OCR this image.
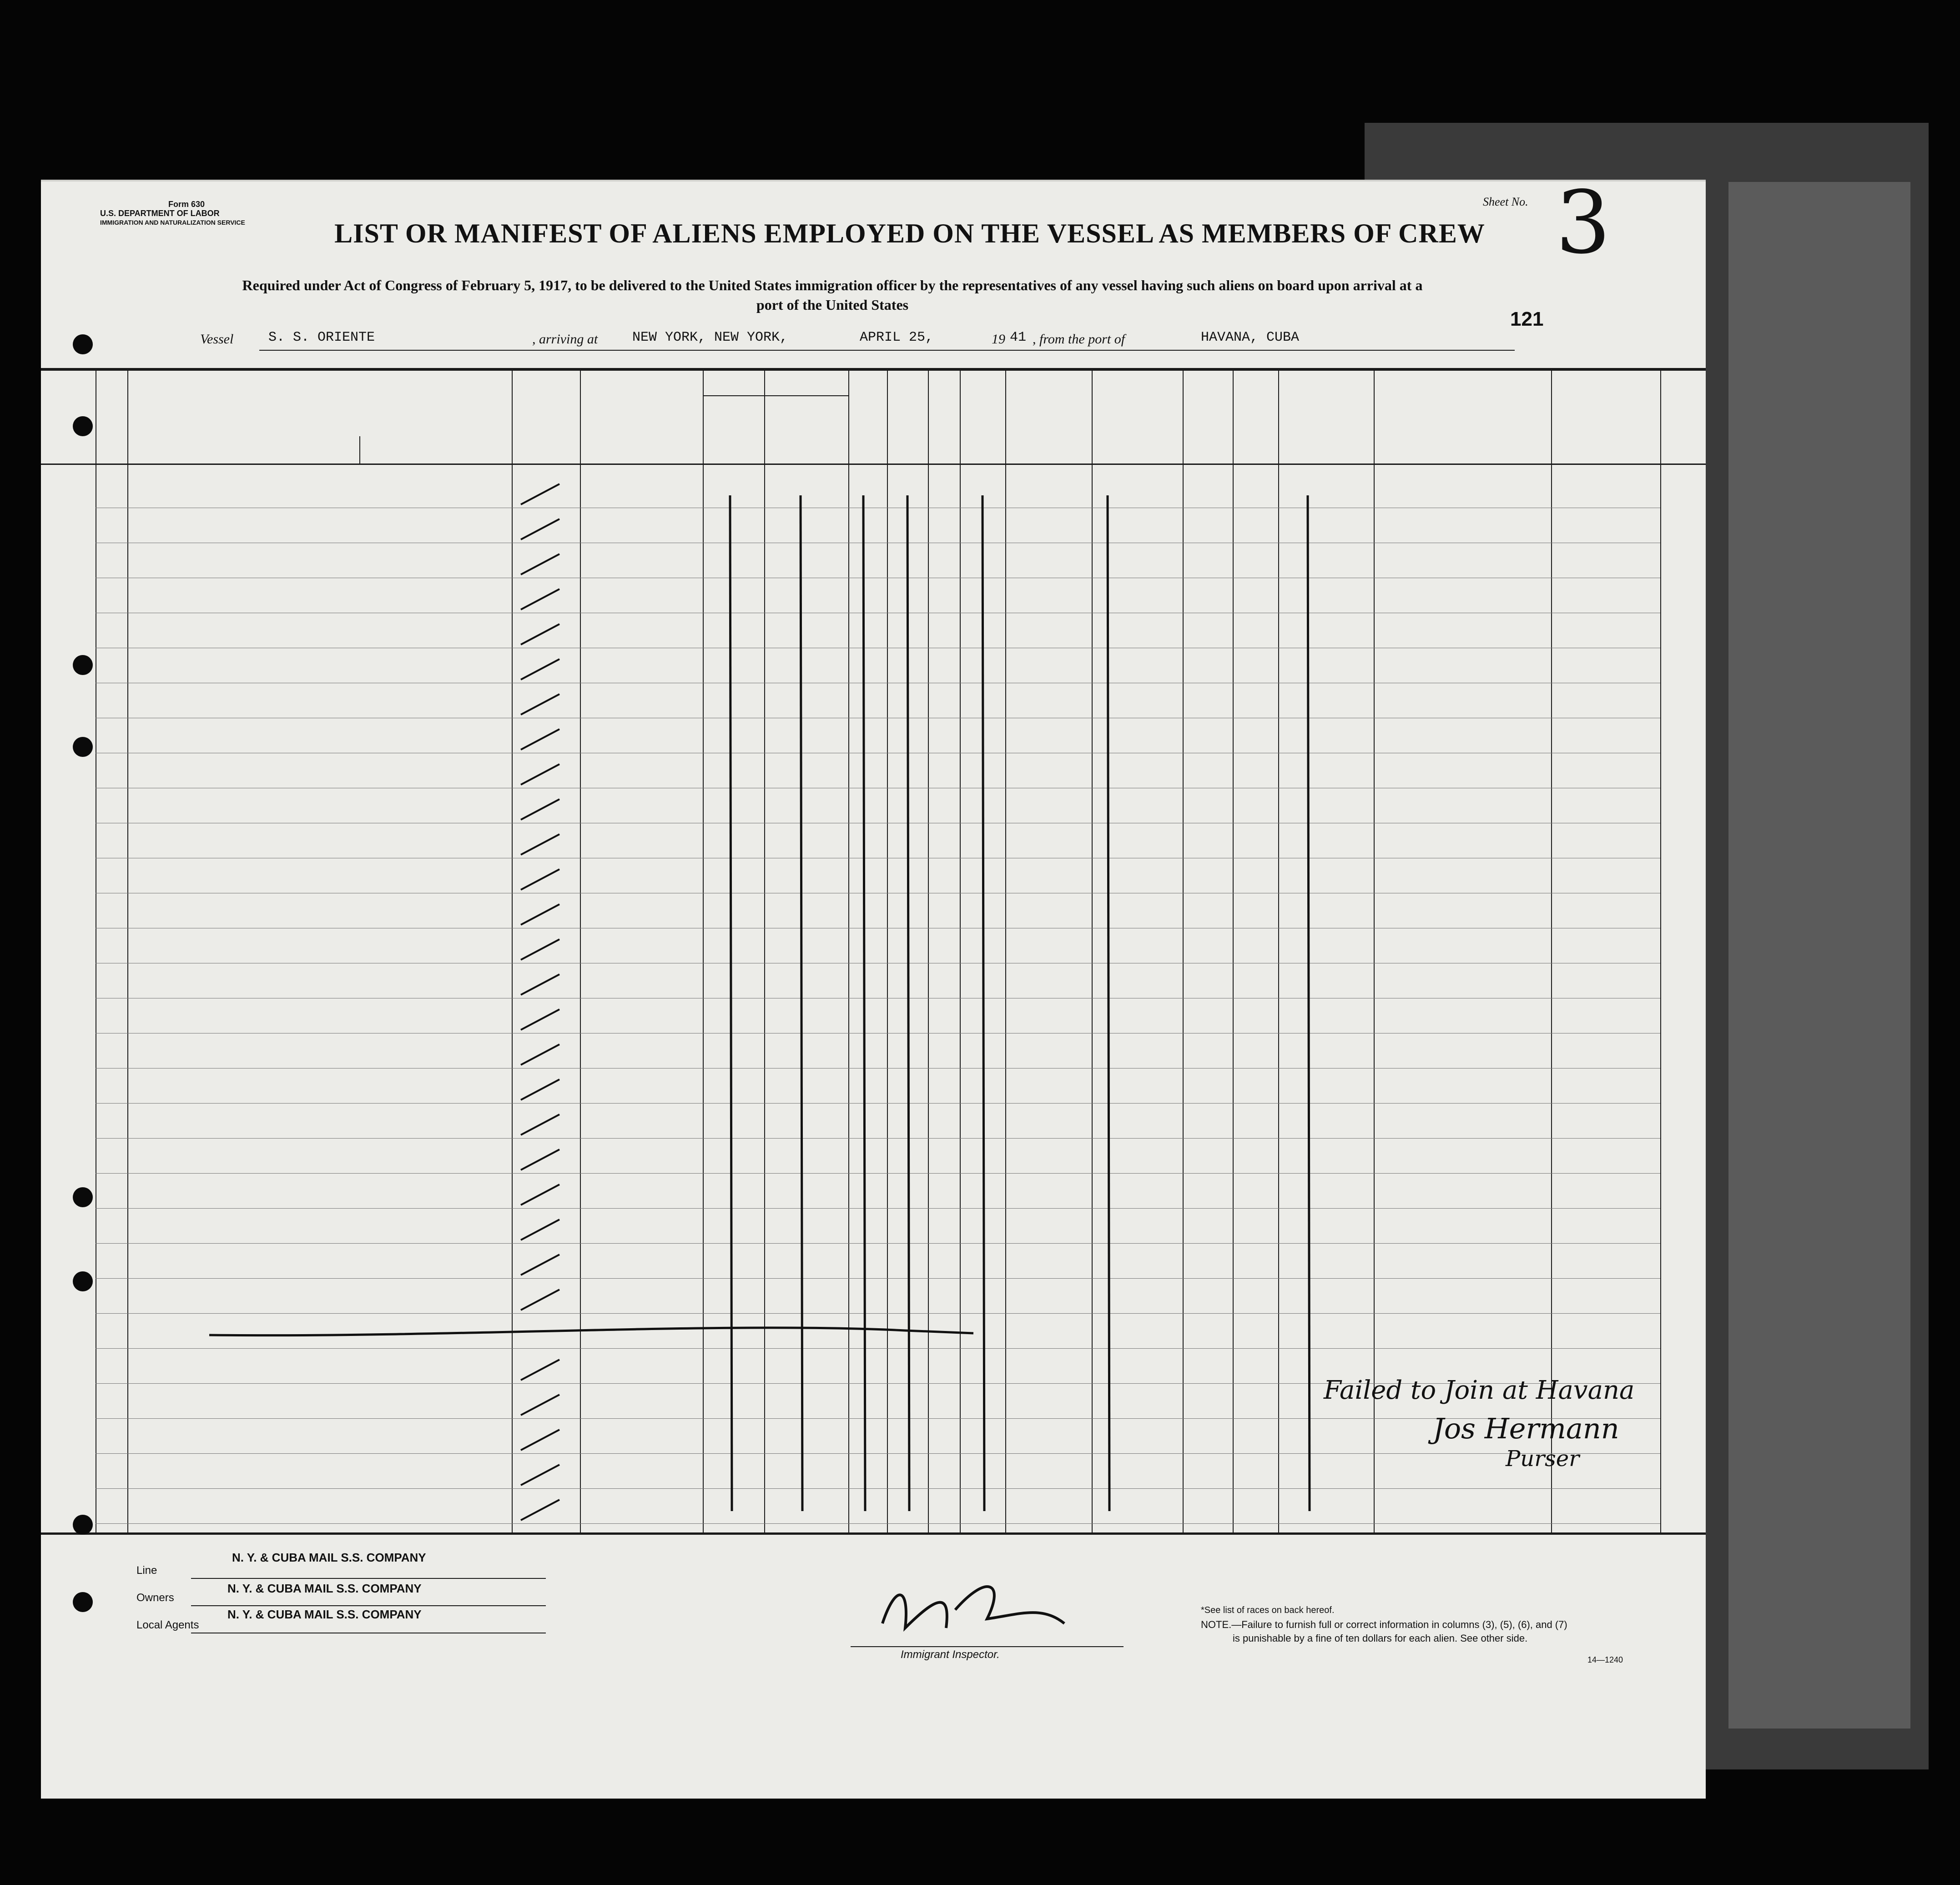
Form 630
U.S. DEPARTMENT OF LABOR
IMMIGRATION AND NATURALIZATION SERVICE
Sheet No. 3
LIST OR MANIFEST OF ALIENS EMPLOYED ON THE VESSEL AS MEMBERS OF CREW
Required under Act of Congress of February 5, 1917, to be delivered to the United States immigration officer by the representatives of any vessel having such aliens on board upon arrival at a
port of the United States
121
Vessel	S. S. ORIENTE	, arriving at	NEW YORK, NEW YORK,	APRIL 25,	19 41 , from the port of	HAVANA, CUBA
Failed to Join at Havana
Jos Hermann
Purser
Line
Owners
Local Agents
N. Y. & CUBA MAIL S.S. COMPANY
N. Y. & CUBA MAIL S.S. COMPANY
N. Y. & CUBA MAIL S.S. COMPANY
Immigrant Inspector.
*See list of races on back hereof.
NOTE.—Failure to furnish full or correct information in columns (3), (5), (6), and (7)
is punishable by a fine of ten dollars for each alien. See other side.
14—1240
